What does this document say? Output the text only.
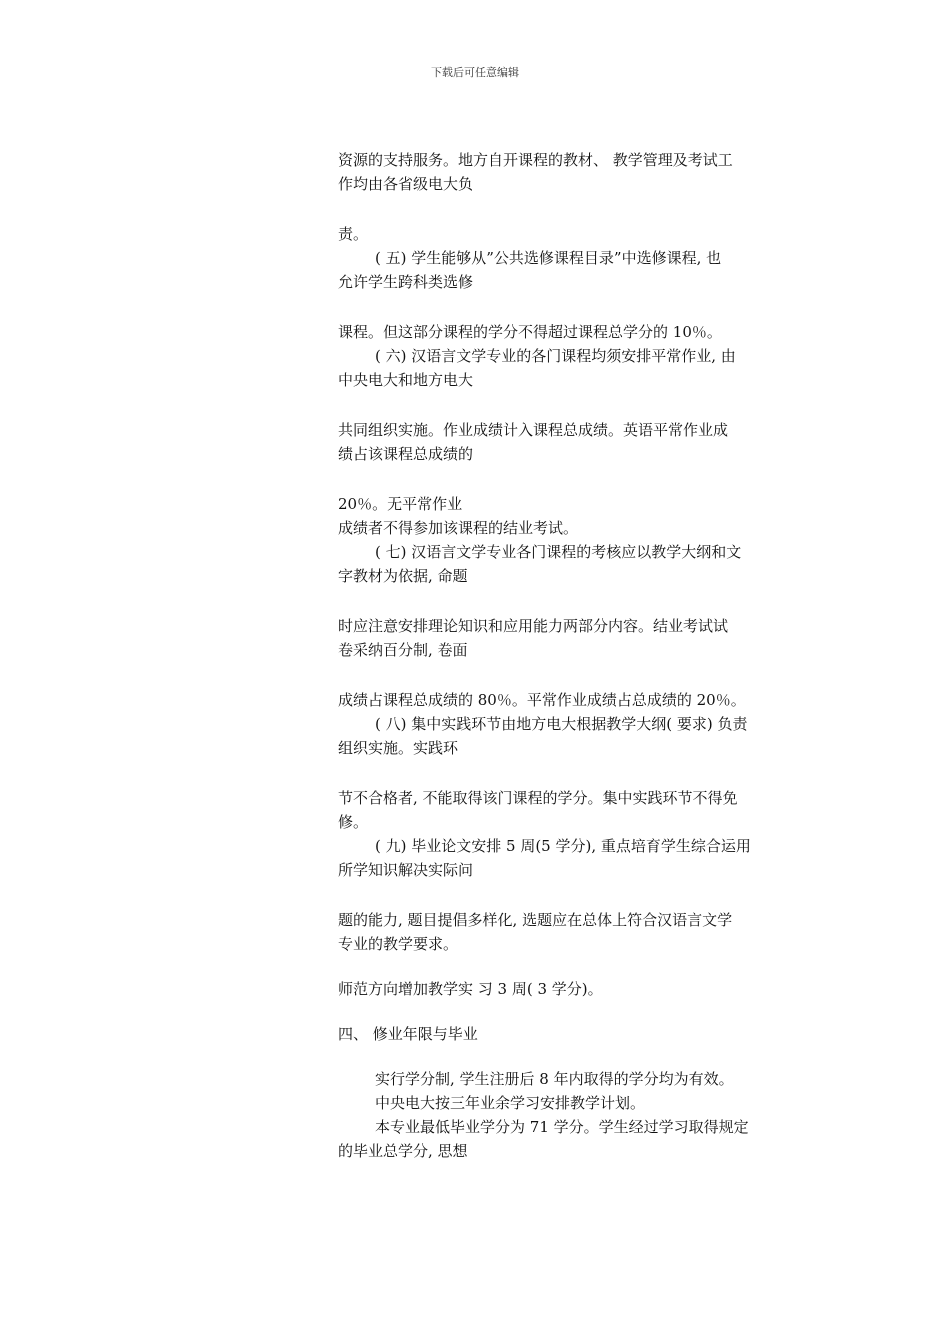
下载后可任意编辑
资源的支持服务。地方自开课程的教材、 教学管理及考试工
作均由各省级电大负
责。
( 五) 学生能够从”公共选修课程目录”中选修课程, 也
允许学生跨科类选修
课程。但这部分课程的学分不得超过课程总学分的 10％。
( 六) 汉语言文学专业的各门课程均须安排平常作业, 由
中央电大和地方电大
共同组织实施。作业成绩计入课程总成绩。英语平常作业成
绩占该课程总成绩的
20％。无平常作业
成绩者不得参加该课程的结业考试。
( 七) 汉语言文学专业各门课程的考核应以教学大纲和文
字教材为依据, 命题
时应注意安排理论知识和应用能力两部分内容。结业考试试
卷采纳百分制, 卷面
成绩占课程总成绩的 80％。平常作业成绩占总成绩的 20％。
( 八) 集中实践环节由地方电大根据教学大纲( 要求) 负责
组织实施。实践环
节不合格者, 不能取得该门课程的学分。集中实践环节不得免
修。
( 九) 毕业论文安排 5 周(5 学分), 重点培育学生综合运用
所学知识解决实际问
题的能力, 题目提倡多样化, 选题应在总体上符合汉语言文学
专业的教学要求。
师范方向增加教学实 习 3 周( 3 学分)。
四、 修业年限与毕业
实行学分制, 学生注册后 8 年内取得的学分均为有效。
中央电大按三年业余学习安排教学计划。
本专业最低毕业学分为 71 学分。学生经过学习取得规定
的毕业总学分, 思想
